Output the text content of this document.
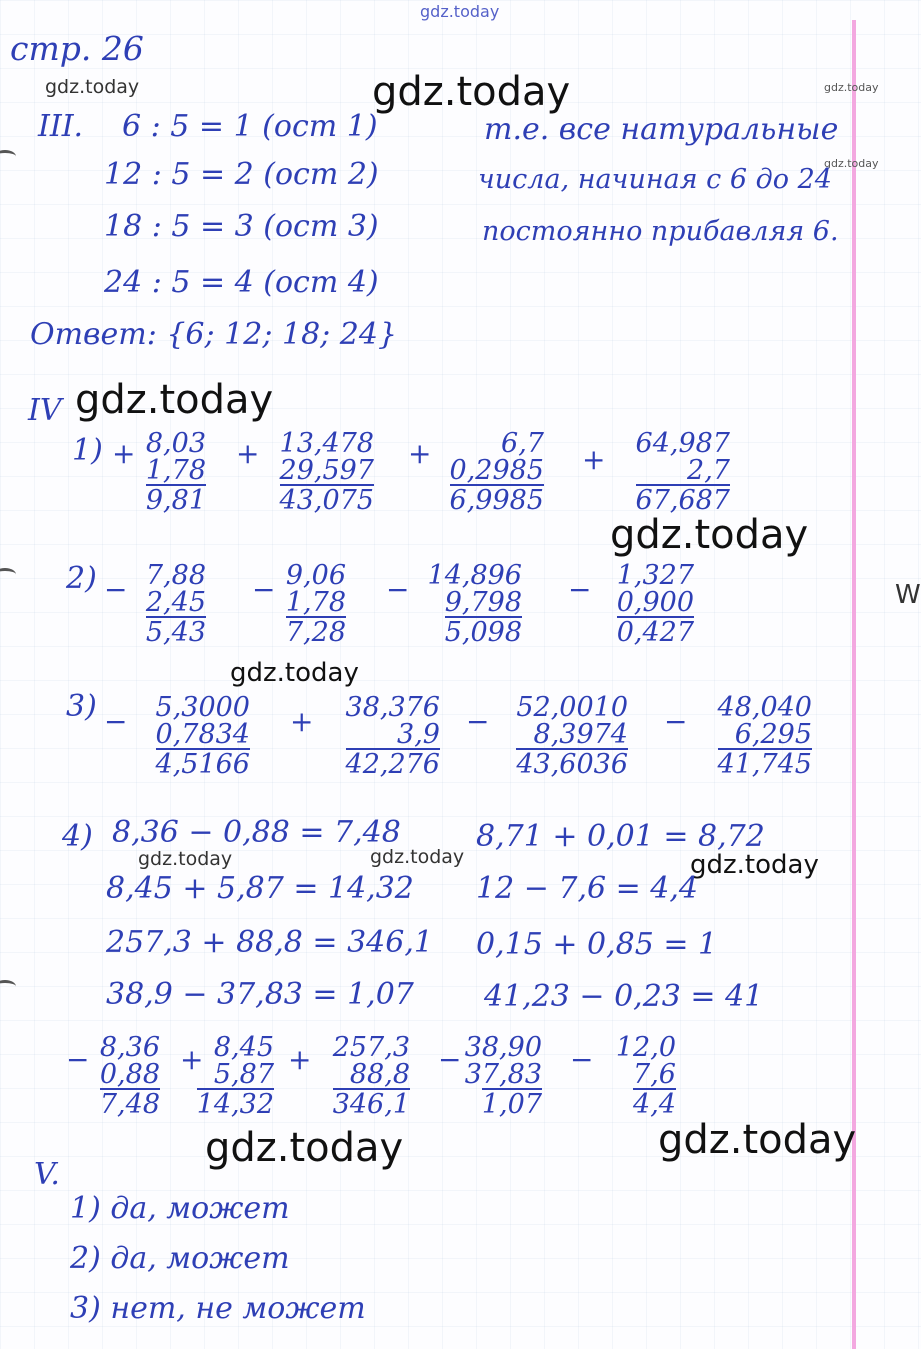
W
gdz.today
gdz.today	gdz.today	gdz.today
gdz.today
gdz.today
gdz.today
gdz.today
gdz.today	gdz.today	gdz.today
gdz.today	gdz.today
стр. 26
III. 6 : 5 = 1 (ост 1)
12 : 5 = 2 (ост 2)
18 : 5 = 3 (ост 3)
24 : 5 = 4 (ост 4)
т.е. все натуральные
числа, начиная с 6 до 24
постоянно прибавляя 6.
Ответ: {6; 12; 18; 24}
IV
1) + 8,03
1,78
9,81
+ 13,478
29,597
43,075
+	6,7
0,2985
6,9985
+ 64,987
2,7
67,687
2) − 7,88
2,45
5,43
− 9,06
1,78
7,28
− 14,896
9,798
5,098
− 1,327
0,900
0,427
3) − 5,3000
0,7834
4,5166
+ 38,376
3,9
42,276
− 52,0010
8,3974
43,6036
− 48,040
6,295
41,745
4) 8,36 − 0,88 = 7,48
8,45 + 5,87 = 14,32
257,3 + 88,8 = 346,1
38,9 − 37,83 = 1,07
8,71 + 0,01 = 8,72
12 − 7,6 = 4,4
0,15 + 0,85 = 1
41,23 − 0,23 = 41
− 8,36
0,88
7,48
+ 8,45
5,87
14,32
+ 257,3
88,8
346,1
− 38,90
37,83
1,07
− 12,0
7,6
4,4
V.
1) да, может
2) да, может
3) нет, не может
